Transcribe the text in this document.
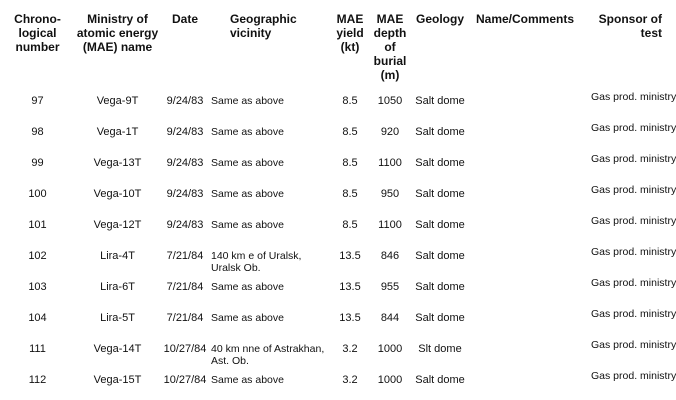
Chrono-logical number	Ministry of atomic energy (MAE) name	Date	Geographic vicinity	MAE yield (kt)	MAE depth of burial (m)	Geology	Name/Comments	Sponsor of test
97	Vega-9T	9/24/83	Same as above	8.5	1050	Salt dome		Gas prod. ministry
98	Vega-1T	9/24/83	Same as above	8.5	920	Salt dome		Gas prod. ministry
99	Vega-13T	9/24/83	Same as above	8.5	1100	Salt dome		Gas prod. ministry
100	Vega-10T	9/24/83	Same as above	8.5	950	Salt dome		Gas prod. ministry
101	Vega-12T	9/24/83	Same as above	8.5	1100	Salt dome		Gas prod. ministry
102	Lira-4T	7/21/84	140 km e of Uralsk, Uralsk Ob.	13.5	846	Salt dome		Gas prod. ministry
103	Lira-6T	7/21/84	Same as above	13.5	955	Salt dome		Gas prod. ministry
104	Lira-5T	7/21/84	Same as above	13.5	844	Salt dome		Gas prod. ministry
111	Vega-14T	10/27/84	40 km nne of Astrakhan, Ast. Ob.	3.2	1000	Slt dome		Gas prod. ministry
112	Vega-15T	10/27/84	Same as above	3.2	1000	Salt dome		Gas prod. ministry
